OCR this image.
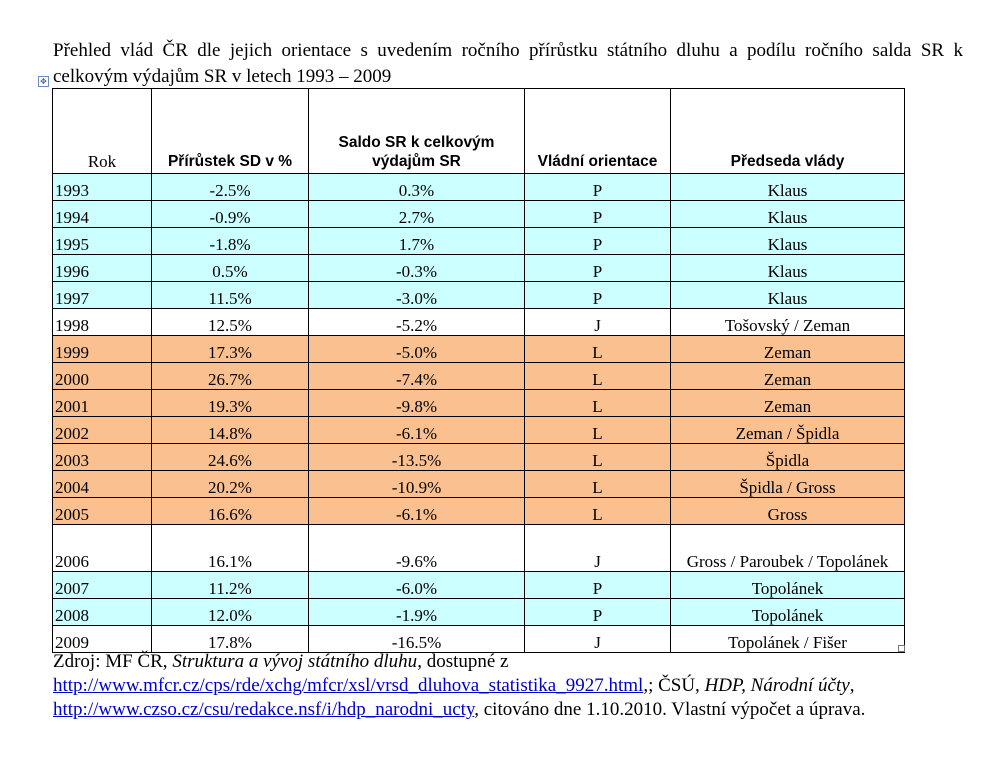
Přehled vlád ČR dle jejich orientace s uvedením ročního přírůstku státního dluhu a podílu ročního salda SR k celkovým výdajům SR v letech 1993 – 2009
✥
Rok	Přírůstek SD v %	Saldo SR k celkovým výdajům SR	Vládní orientace	Předseda vlády
1993	-2.5%	0.3%	P	Klaus
1994	-0.9%	2.7%	P	Klaus
1995	-1.8%	1.7%	P	Klaus
1996	0.5%	-0.3%	P	Klaus
1997	11.5%	-3.0%	P	Klaus
1998	12.5%	-5.2%	J	Tošovský / Zeman
1999	17.3%	-5.0%	L	Zeman
2000	26.7%	-7.4%	L	Zeman
2001	19.3%	-9.8%	L	Zeman
2002	14.8%	-6.1%	L	Zeman / Špidla
2003	24.6%	-13.5%	L	Špidla
2004	20.2%	-10.9%	L	Špidla / Gross
2005	16.6%	-6.1%	L	Gross
2006	16.1%	-9.6%	J	Gross / Paroubek / Topolánek
2007	11.2%	-6.0%	P	Topolánek
2008	12.0%	-1.9%	P	Topolánek
2009	17.8%	-16.5%	J	Topolánek / Fišer
Zdroj: MF ČR, Struktura a vývoj státního dluhu, dostupné z http://www.mfcr.cz/cps/rde/xchg/mfcr/xsl/vrsd_dluhova_statistika_9927.html,; ČSÚ, HDP, Národní účty, http://www.czso.cz/csu/redakce.nsf/i/hdp_narodni_ucty, citováno dne 1.10.2010. Vlastní výpočet a úprava.
